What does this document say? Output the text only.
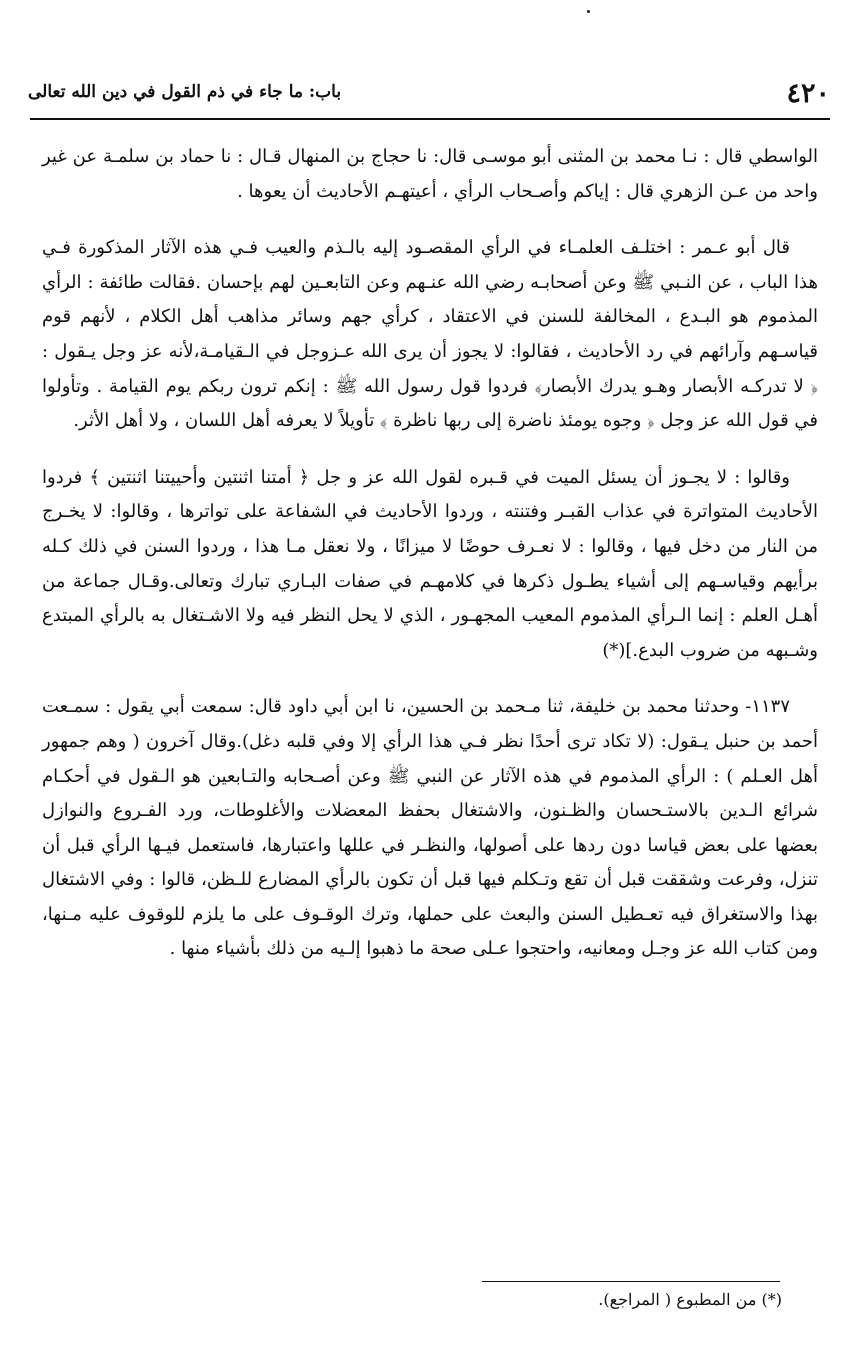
٤٢٠
باب: ما جاء في ذم القول في دين الله تعالى

الواسطي قال : نـا محمد بن المثنى أبو موسـى قال: نا حجاج بن المنهال قـال : نا حماد بن سلمـة عن غير واحد من عـن الزهري قال : إياكم وأصـحاب الرأي ، أعيتهـم الأحاديث أن يعوها .

قال أبو عـمر : اختلـف العلمـاء في الرأي المقصـود إليه بالـذم والعيب فـي هذه الآثار المذكورة فـي هذا الباب ، عن النـبي ﷺ وعن أصحابـه رضي الله عنـهم وعن التابعـين لهم بإحسان .فقالت طائفة : الرأي المذموم هو البـدع ، المخالفة للسنن في الاعتقاد ، كرأي جهم وسائر مذاهب أهل الكلام ، لأنهم قوم قياسـهم وآرائهم في رد الأحاديث ، فقالوا: لا يجوز أن يرى الله عـزوجل في الـقيامـة،لأنه عز وجل يـقول : ﴿ لا تدركـه الأبصار وهـو يدرك الأبصار﴾ فردوا قول رسول الله ﷺ : إنكم ترون ربكم يوم القيامة . وتأولوا في قول الله عز وجل ﴿ وجوه يومئذ ناضرة إلى ربها ناظرة ﴾ تأويلاً لا يعرفه أهل اللسان ، ولا أهل الأثر.

وقالوا : لا يجـوز أن يسئل الميت في قـبره لقول الله عز و جل ﴿ أمتنا اثنتين وأحييتنا اثنتين ﴾ فردوا الأحاديث المتواترة في عذاب القبـر وفتنته ، وردوا الأحاديث في الشفاعة على تواترها ، وقالوا: لا يخـرج من النار من دخل فيها ، وقالوا : لا نعـرف حوضًا لا ميزانًا ، ولا نعقل مـا هذا ، وردوا السنن في ذلك كـله برأيهم وقياسـهم إلى أشياء يطـول ذكرها في كلامهـم في صفات البـاري تبارك وتعالى.وقـال جماعة من أهـل العلم : إنما الـرأي المذموم المعيب المجهـور ، الذي لا يحل النظر فيه ولا الاشـتغال به بالرأي المبتدع وشـبهه من ضروب البدع.](*)

١١٣٧- وحدثنا محمد بن خليفة، ثنا مـحمد بن الحسين، نا ابن أبي داود قال: سمعت أبي يقول : سمـعت أحمد بن حنبل يـقول: (لا تكاد ترى أحدًا نظر فـي هذا الرأي إلا وفي قلبه دغل).وقال آخرون ( وهم جمهور أهل العـلم ) : الرأي المذموم في هذه الآثار عن النبي ﷺ وعن أصـحابه والتـابعين هو الـقول في أحكـام شرائع الـدين بالاستـحسان والظـنون، والاشتغال بحفظ المعضلات والأغلوطات، ورد الفـروع والنوازل بعضها على بعض قياسا دون ردها على أصولها، والنظـر في عللها واعتبارها، فاستعمل فيـها الرأي قبل أن تنزل، وفرعت وشققت قبل أن تقع وتـكلم فيها قبل أن تكون بالرأي المضارع للـظن، قالوا : وفي الاشتغال بهذا والاستغراق فيه تعـطيل السنن والبعث على حملها، وترك الوقـوف على ما يلزم للوقوف عليه مـنها، ومن كتاب الله عز وجـل ومعانيه، واحتجوا عـلى صحة ما ذهبوا إلـيه من ذلك بأشياء منها .

(*) من المطبوع ( المراجع).
